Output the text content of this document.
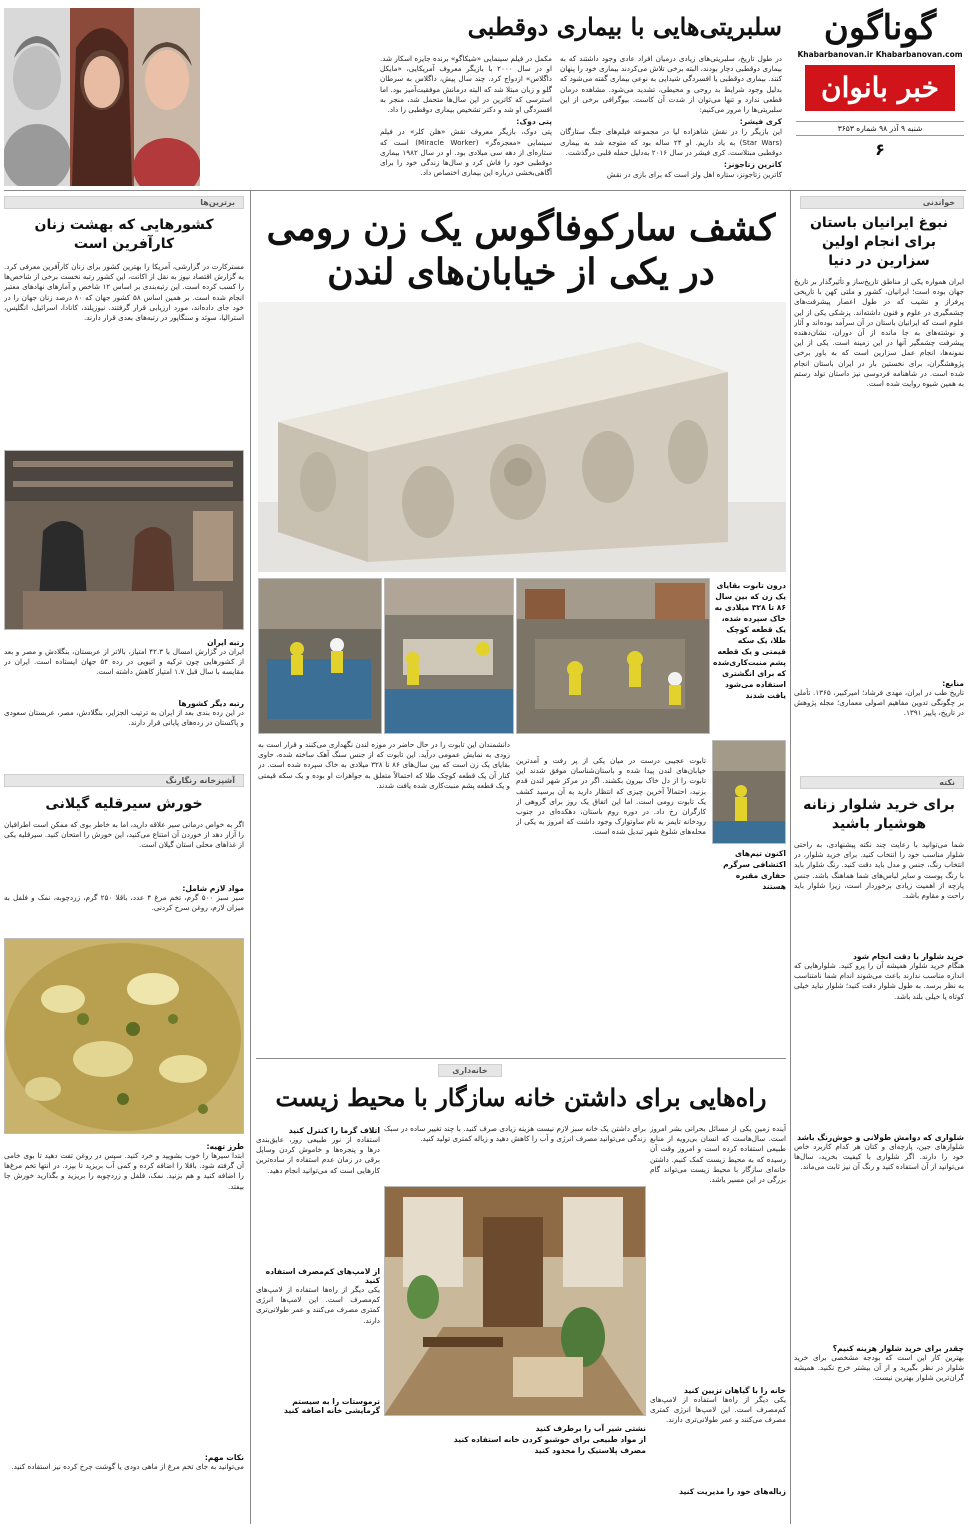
گوناگون
Khabarbanovan.ir Khabarbanovan.com
خبر بانوان
شنبه ۹ آذر ۹۸ شماره ۳۶۵۳
۶
سلبریتی‌هایی با بیماری دوقطبی
در طول تاریخ، سلبریتی‌های زیادی درمیان افراد عادی وجود داشتند که به بیماری دوقطبی دچار بودند، البته برخی تلاش می‌کردند بیماری خود را پنهان کنند. بیماری دوقطبی یا افسردگی شیدایی به نوعی بیماری گفته می‌شود که بدلیل وجود شرایط بد روحی و محیطی، تشدید می‌شود. مشاهده درمان قطعی ندارد و تنها می‌توان از شدت آن کاست. بیوگرافی برخی از این سلبریتی‌ها را مرور می‌کنیم:
کری فیشر:
این بازیگر را در نقش شاهزاده لیا در مجموعه فیلم‌های جنگ ستارگان (Star Wars) به یاد داریم. او ۲۴ ساله بود که متوجه شد به بیماری دوقطبی مبتلاست. کری فیشر در سال ۲۰۱۶ به‌دلیل حمله قلبی درگذشت.
کاترین زتاجونز:
کاترین زتاجونز، ستاره اهل ولز است که برای بازی در نقش
مکمل در فیلم سینمایی «شیکاگو» برنده جایزه اسکار شد. او در سال ۲۰۰۰ با بازیگر معروف آمریکایی، «مایکل داگلاس» ازدواج کرد. چند سال پیش، داگلاس به سرطان گلو و زبان مبتلا شد که البته درمانش موفقیت‌آمیز بود. اما استرسی که کاترین در این سال‌ها متحمل شد، منجر به افسردگی او شد و دکتر تشخیص بیماری دوقطبی را داد.
پتی دوک:
پتی دوک، بازیگر معروف نقش «هلن کلر» در فیلم سینمایی «معجزه‌گر» (Miracle Worker) است که ستاره‌ای از دهه سی میلادی بود. او در سال ۱۹۸۲ بیماری دوقطبی خود را فاش کرد و سال‌ها زندگی خود را برای آگاهی‌بخشی درباره این بیماری اختصاص داد.
خواندنی
نبوغ ایرانیان باستان برای انجام اولین سزارین در دنیا
ایران همواره یکی از مناطق تاریخ‌ساز و تأثیرگذار بر تاریخ جهان بوده است؛ ایرانیان، کشور و ملتی کهن با تاریخی پرفراز و نشیب که در طول اعصار پیشرفت‌های چشمگیری در علوم و فنون داشته‌اند. پزشکی یکی از این علوم است که ایرانیان باستان در آن سرآمد بوده‌اند و آثار و نوشته‌های به جا مانده از آن دوران، نشان‌دهنده پیشرفت چشمگیر آنها در این زمینه است. یکی از این نمونه‌ها، انجام عمل سزارین است که به باور برخی پژوهشگران، برای نخستین بار در ایران باستان انجام شده است. در شاهنامه فردوسی نیز داستان تولد رستم به همین شیوه روایت شده است.
منابع:
تاریخ طب در ایران، مهدی فرشاد؛ امیرکبیر، ۱۳۶۵. تأملی بر چگونگی تدوین مفاهیم اصولی معماری؛ مجله پژوهش در تاریخ، پاییز ۱۳۹۱.
نکته
برای خرید شلوار زنانه هوشیار باشید
شما می‌توانید با رعایت چند نکته پیشنهادی، به راحتی شلوار مناسب خود را انتخاب کنید. برای خرید شلوار، در انتخاب رنگ، جنس و مدل باید دقت کنید. رنگ شلوار باید با رنگ پوست و سایر لباس‌های شما هماهنگ باشد. جنس پارچه از اهمیت زیادی برخوردار است، زیرا شلوار باید راحت و مقاوم باشد.
خرید شلوار با دقت انجام شود
هنگام خرید شلوار همیشه آن را پرو کنید. شلوارهایی که اندازه مناسب ندارند باعث می‌شوند اندام شما نامتناسب به نظر برسد. به طول شلوار دقت کنید؛ شلوار نباید خیلی کوتاه یا خیلی بلند باشد.
شلواری که دوامش طولانی و خوش‌رنگ باشد
شلوارهای جین، پارچه‌ای و کتان هر کدام کاربرد خاص خود را دارند. اگر شلواری با کیفیت بخرید، سال‌ها می‌توانید از آن استفاده کنید و رنگ آن نیز ثابت می‌ماند.
چقدر برای خرید شلوار هزینه کنیم؟
بهترین کار این است که بودجه مشخصی برای خرید شلوار در نظر بگیرید و از آن بیشتر خرج نکنید. همیشه گران‌ترین شلوار بهترین نیست.
برترین‌ها
کشورهایی که بهشت زنان کارآفرین است
مسترکارت در گزارشی، آمریکا را بهترین کشور برای زنان کارآفرین معرفی کرد. به گزارش اقتصاد نیوز به نقل از اکانت، این کشور رتبه نخست برخی از شاخص‌ها را کسب کرده است. این رتبه‌بندی بر اساس ۱۲ شاخص و آمارهای نهادهای معتبر انجام شده است. بر همین اساس ۵۸ کشور جهان که ۸۰ درصد زنان جهان را در خود جای داده‌اند، مورد ارزیابی قرار گرفتند. نیوزیلند، کانادا، اسرائیل، انگلیس، استرالیا، سوئد و سنگاپور در رتبه‌های بعدی قرار دارند.
رتبه ایران
ایران در گزارش امسال با ۴۲.۳ امتیاز، بالاتر از عربستان، بنگلادش و مصر و بعد از کشورهایی چون ترکیه و اتیوپی در رده ۵۴ جهان ایستاده است. ایران در مقایسه با سال قبل ۱.۷ امتیاز کاهش داشته است.
رتبه دیگر کشورها
در این رده بندی بعد از ایران به ترتیب الجزایر، بنگلادش، مصر، عربستان سعودی و پاکستان در رده‌های پایانی قرار دارند.
آشپزخانه رنگارنگ
خورش سیرقلیه گیلانی
اگر به خواص درمانی سیر علاقه دارید، اما به خاطر بوی که ممکن است اطرافیان را آزار دهد از خوردن آن امتناع می‌کنید، این خورش را امتحان کنید. سیرقلیه یکی از غذاهای محلی استان گیلان است.
مواد لازم شامل:
سیر سبز ۵۰۰ گرم، تخم مرغ ۴ عدد، باقلا ۲۵۰ گرم، زردچوبه، نمک و فلفل به میزان لازم، روغن سرخ کردنی.
طرز تهیه:
ابتدا سیرها را خوب بشویید و خرد کنید. سپس در روغن تفت دهید تا بوی خامی آن گرفته شود. باقلا را اضافه کرده و کمی آب بریزید تا بپزد. در انتها تخم مرغ‌ها را اضافه کنید و هم بزنید. نمک، فلفل و زردچوبه را بریزید و بگذارید خورش جا بیفتد.
نکات مهم:
می‌توانید به جای تخم مرغ از ماهی دودی یا گوشت چرخ کرده نیز استفاده کنید.
کشف سارکوفاگوس یک زن رومی
در یکی از خیابان‌های لندن
درون تابوت بقایای یک زن که بین سال ۸۶ تا ۳۲۸ میلادی به خاک سپرده شده، یک قطعه کوچک طلا، یک سکه قیمتی و یک قطعه پشم منبت‌کاری‌شده که برای انگشتری استفاده می‌شود یافت شدند
تابوت عجیبی درست در میان یکی از پر رفت و آمدترین خیابان‌های لندن پیدا شده و باستان‌شناسان موفق شدند این تابوت را از دل خاک بیرون بکشند. اگر در مرکز شهر لندن قدم بزنید، احتمالاً آخرین چیزی که انتظار دارید به آن برسید کشف یک تابوت رومی است. اما این اتفاق یک روز برای گروهی از کارگران رخ داد. در دوره روم باستان، دهکده‌ای در جنوب رودخانه تایمز به نام ساوتوارک وجود داشت که امروز به یکی از محله‌های شلوغ شهر تبدیل شده است.
دانشمندان این تابوت را در حال حاضر در موزه لندن نگهداری می‌کنند و قرار است به زودی به نمایش عمومی درآید. این تابوت که از جنس سنگ آهک ساخته شده، حاوی بقایای یک زن است که بین سال‌های ۸۶ تا ۳۲۸ میلادی به خاک سپرده شده است. در کنار آن یک قطعه کوچک طلا که احتمالاً متعلق به جواهرات او بوده و یک سکه قیمتی و یک قطعه پشم منبت‌کاری شده یافت شدند.
اکنون تیم‌های اکتشافی سرگرم حفاری مقبره هستند
خانه‌داری
راه‌هایی برای داشتن خانه سازگار با محیط زیست
آینده زمین یکی از مسائل بحرانی بشر امروز است. سال‌هاست که انسان بی‌رویه از منابع طبیعی استفاده کرده است و امروز وقت آن رسیده که به محیط زیست کمک کنیم. داشتن خانه‌ای سازگار با محیط زیست می‌تواند گام بزرگی در این مسیر باشد.
خانه را با گیاهان تزیین کنید
یکی دیگر از راه‌ها استفاده از لامپ‌های کم‌مصرف است. این لامپ‌ها انرژی کمتری مصرف می‌کنند و عمر طولانی‌تری دارند.
زباله‌های خود را مدیریت کنید
برای داشتن یک خانه سبز لازم نیست هزینه زیادی صرف کنید. با چند تغییر ساده در سبک زندگی می‌توانید مصرف انرژی و آب را کاهش دهید و زباله کمتری تولید کنید.
نشتی شیر آب را برطرف کنید
از مواد طبیعی برای خوشبو کردن خانه استفاده کنید
مصرف پلاستیک را محدود کنید
اتلاف گرما را کنترل کنید
استفاده از نور طبیعی روز، عایق‌بندی درها و پنجره‌ها و خاموش کردن وسایل برقی در زمان عدم استفاده از ساده‌ترین کارهایی است که می‌توانید انجام دهید.
از لامپ‌های کم‌مصرف استفاده کنید
یکی دیگر از راه‌ها استفاده از لامپ‌های کم‌مصرف است. این لامپ‌ها انرژی کمتری مصرف می‌کنند و عمر طولانی‌تری دارند.
ترموستات را به سیستم گرمایشی خانه اضافه کنید
